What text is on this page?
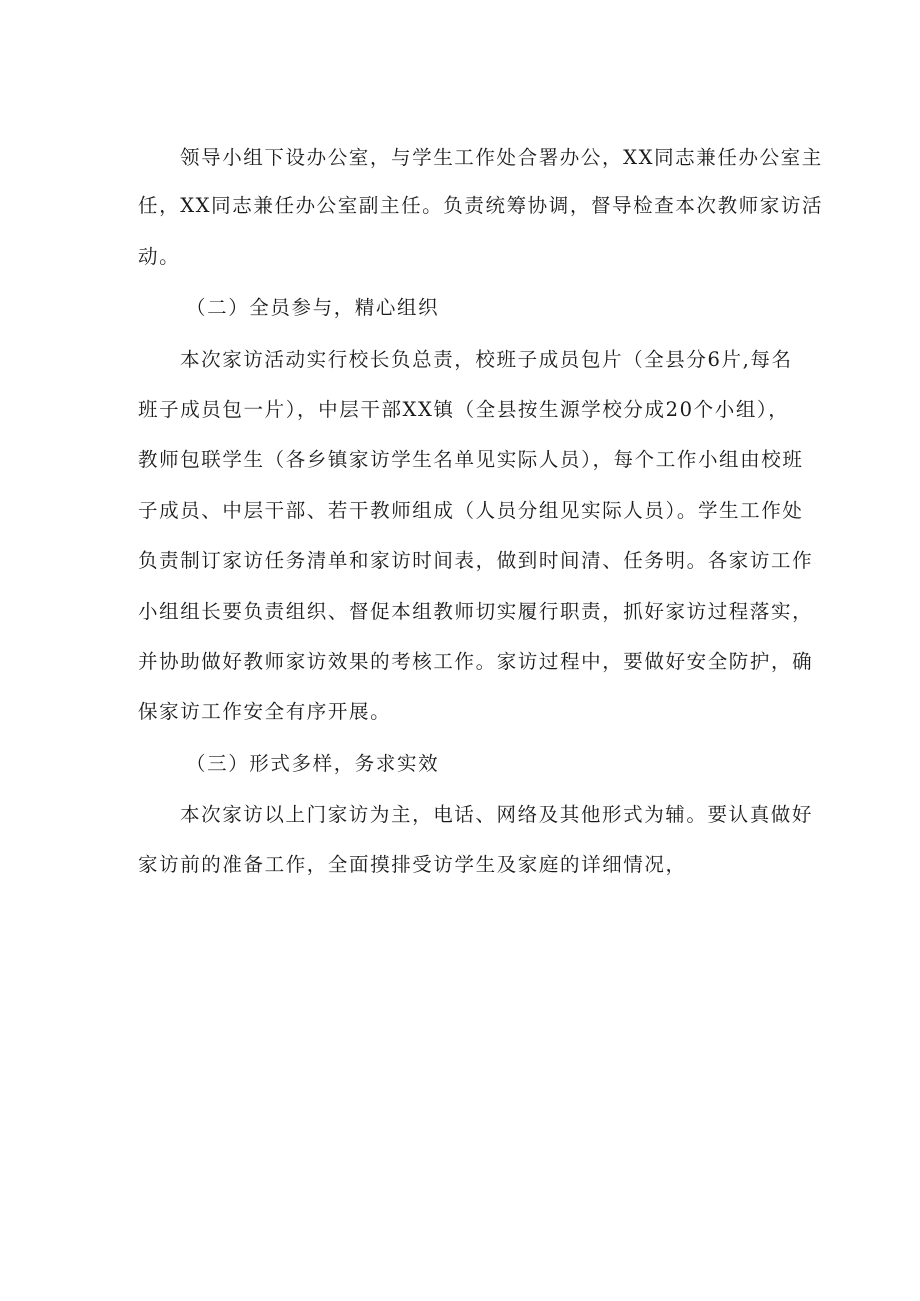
领导小组下设办公室，与学生工作处合署办公，XX同志兼任办公室主
任，XX同志兼任办公室副主任。负责统筹协调，督导检查本次教师家访活
动。
（二）全员参与，精心组织
本次家访活动实行校长负总责，校班子成员包片（全县分6片,每名
班子成员包一片），中层干部XX镇（全县按生源学校分成20个小组），
教师包联学生（各乡镇家访学生名单见实际人员），每个工作小组由校班
子成员、中层干部、若干教师组成（人员分组见实际人员）。学生工作处
负责制订家访任务清单和家访时间表，做到时间清、任务明。各家访工作
小组组长要负责组织、督促本组教师切实履行职责，抓好家访过程落实，
并协助做好教师家访效果的考核工作。家访过程中，要做好安全防护，确
保家访工作安全有序开展。
（三）形式多样，务求实效
本次家访以上门家访为主，电话、网络及其他形式为辅。要认真做好
家访前的准备工作，全面摸排受访学生及家庭的详细情况，
